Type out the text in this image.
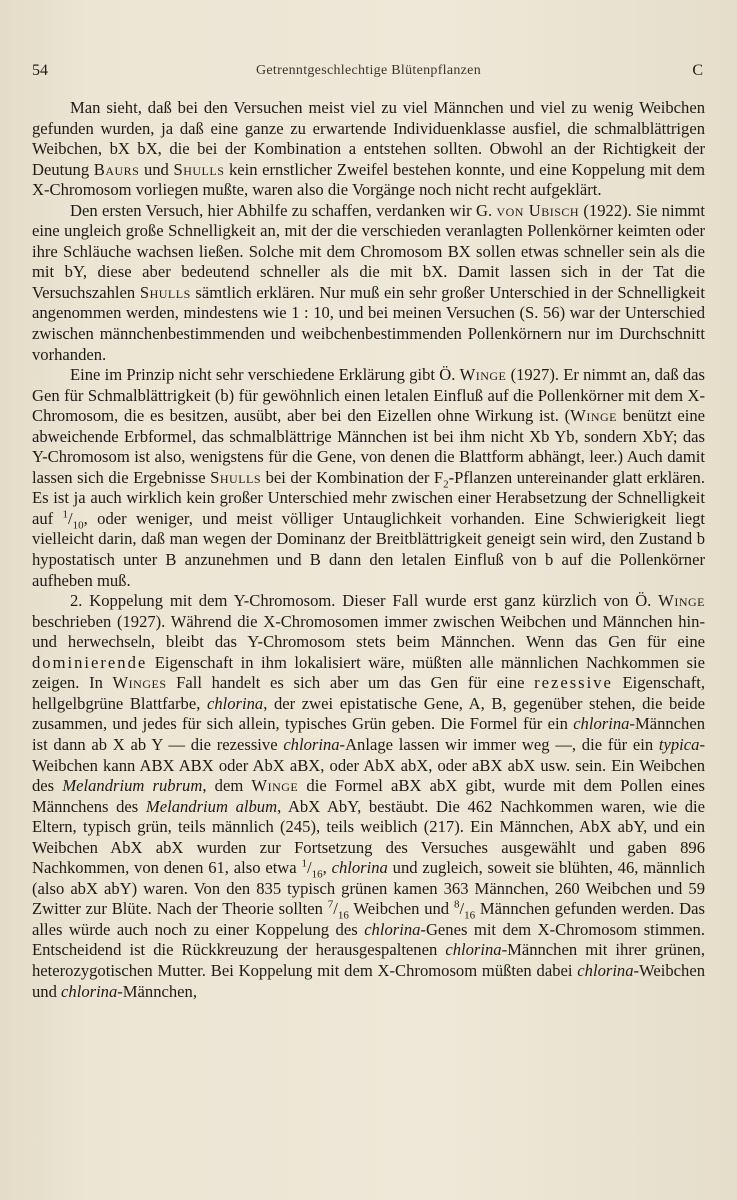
54	Getrenntgeschlechtige Blütenpflanzen	C

Man sieht, daß bei den Versuchen meist viel zu viel Männchen und viel zu wenig Weibchen gefunden wurden, ja daß eine ganze zu erwartende Individuenklasse ausfiel, die schmalblättrigen Weibchen, bX bX, die bei der Kombination a entstehen sollten. Obwohl an der Richtigkeit der Deutung Baurs und Shulls kein ernstlicher Zweifel bestehen konnte, und eine Koppelung mit dem X-Chromosom vorliegen mußte, waren also die Vorgänge noch nicht recht aufgeklärt.

Den ersten Versuch, hier Abhilfe zu schaffen, verdanken wir G. von Ubisch (1922). Sie nimmt eine ungleich große Schnelligkeit an, mit der die verschieden veranlagten Pollenkörner keimten oder ihre Schläuche wachsen ließen. Solche mit dem Chromosom BX sollen etwas schneller sein als die mit bY, diese aber bedeutend schneller als die mit bX. Damit lassen sich in der Tat die Versuchszahlen Shulls sämtlich erklären. Nur muß ein sehr großer Unterschied in der Schnelligkeit angenommen werden, mindestens wie 1 : 10, und bei meinen Versuchen (S. 56) war der Unterschied zwischen männchenbestimmenden und weibchenbestimmenden Pollenkörnern nur im Durchschnitt vorhanden.

Eine im Prinzip nicht sehr verschiedene Erklärung gibt Ö. Winge (1927). Er nimmt an, daß das Gen für Schmalblättrigkeit (b) für gewöhnlich einen letalen Einfluß auf die Pollenkörner mit dem X-Chromosom, die es besitzen, ausübt, aber bei den Eizellen ohne Wirkung ist. (Winge benützt eine abweichende Erbformel, das schmalblättrige Männchen ist bei ihm nicht Xb Yb, sondern XbY; das Y-Chromosom ist also, wenigstens für die Gene, von denen die Blattform abhängt, leer.) Auch damit lassen sich die Ergebnisse Shulls bei der Kombination der $F_2$-Pflanzen untereinander glatt erklären. Es ist ja auch wirklich kein großer Unterschied mehr zwischen einer Herabsetzung der Schnelligkeit auf $^1/_{10}$, oder weniger, und meist völliger Untauglichkeit vorhanden. Eine Schwierigkeit liegt vielleicht darin, daß man wegen der Dominanz der Breitblättrigkeit geneigt sein wird, den Zustand b hypostatisch unter B anzunehmen und B dann den letalen Einfluß von b auf die Pollenkörner aufheben muß.

2. Koppelung mit dem Y-Chromosom. Dieser Fall wurde erst ganz kürzlich von Ö. Winge beschrieben (1927). Während die X-Chromosomen immer zwischen Weibchen und Männchen hin- und herwechseln, bleibt das Y-Chromosom stets beim Männchen. Wenn das Gen für eine dominierende Eigenschaft in ihm lokalisiert wäre, müßten alle männlichen Nachkommen sie zeigen. In Winges Fall handelt es sich aber um das Gen für eine rezessive Eigenschaft, hellgelbgrüne Blattfarbe, chlorina, der zwei epistatische Gene, A, B, gegenüber stehen, die beide zusammen, und jedes für sich allein, typisches Grün geben. Die Formel für ein chlorina-Männchen ist dann ab X ab Y — die rezessive chlorina-Anlage lassen wir immer weg —, die für ein typica-Weibchen kann ABX ABX oder AbX aBX, oder AbX abX, oder aBX abX usw. sein. Ein Weibchen des Melandrium rubrum, dem Winge die Formel aBX abX gibt, wurde mit dem Pollen eines Männchens des Melandrium album, AbX AbY, bestäubt. Die 462 Nachkommen waren, wie die Eltern, typisch grün, teils männlich (245), teils weiblich (217). Ein Männchen, AbX abY, und ein Weibchen AbX abX wurden zur Fortsetzung des Versuches ausgewählt und gaben 896 Nachkommen, von denen 61, also etwa $^1/_{16}$, chlorina und zugleich, soweit sie blühten, 46, männlich (also abX abY) waren. Von den 835 typisch grünen kamen 363 Männchen, 260 Weibchen und 59 Zwitter zur Blüte. Nach der Theorie sollten $^7/_{16}$ Weibchen und $^8/_{16}$ Männchen gefunden werden. Das alles würde auch noch zu einer Koppelung des chlorina-Genes mit dem X-Chromosom stimmen. Entscheidend ist die Rückkreuzung der herausgespaltenen chlorina-Männchen mit ihrer grünen, heterozygotischen Mutter. Bei Koppelung mit dem X-Chromosom müßten dabei chlorina-Weibchen und chlorina-Männchen,
